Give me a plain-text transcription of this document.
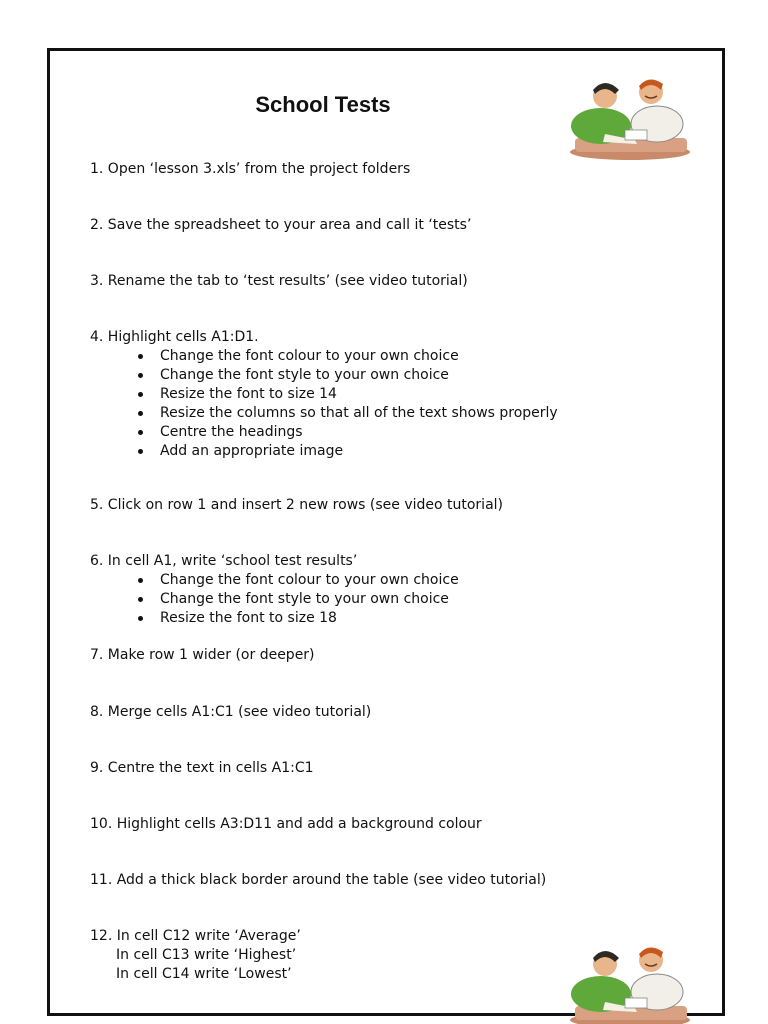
School Tests
1. Open ‘lesson 3.xls’ from the project folders
2. Save the spreadsheet to your area and call it ‘tests’
3. Rename the tab to ‘test results’ (see video tutorial)
4. Highlight cells A1:D1.
Change the font colour to your own choice
Change the font style to your own choice
Resize the font to size 14
Resize the columns so that all of the text shows properly
Centre the headings
Add an appropriate image
5. Click on row 1 and insert 2 new rows (see video tutorial)
6. In cell A1, write ‘school test results’
Change the font colour to your own choice
Change the font style to your own choice
Resize the font to size 18
7. Make row 1 wider (or deeper)
8. Merge cells A1:C1 (see video tutorial)
9. Centre the text in cells A1:C1
10. Highlight cells A3:D11 and add a background colour
11. Add a thick black border around the table (see video tutorial)
12. In cell C12 write ‘Average’
In cell C13 write ‘Highest’
In cell C14 write ‘Lowest’
